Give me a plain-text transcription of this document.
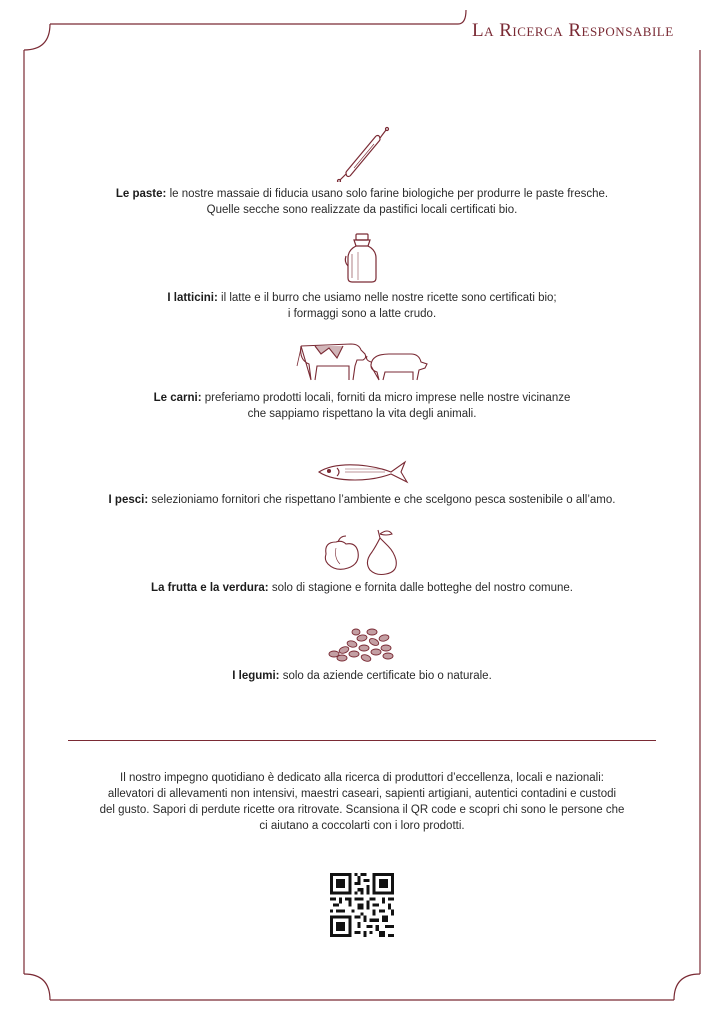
La Ricerca Responsabile
Le paste: le nostre massaie di fiducia usano solo farine biologiche per produrre le paste fresche.
Quelle secche sono realizzate da pastifici locali certificati bio.
I latticini: il latte e il burro che usiamo nelle nostre ricette sono certificati bio;
i formaggi sono a latte crudo.
Le carni: preferiamo prodotti locali, forniti da micro imprese nelle nostre vicinanze
che sappiamo rispettano la vita degli animali.
I pesci: selezioniamo fornitori che rispettano l’ambiente e che scelgono pesca sostenibile o all’amo.
La frutta e la verdura: solo di stagione e fornita dalle botteghe del nostro comune.
I legumi: solo da aziende certificate bio o naturale.
Il nostro impegno quotidiano è dedicato alla ricerca di produttori d’eccellenza, locali e nazionali:
allevatori di allevamenti non intensivi, maestri caseari, sapienti artigiani, autentici contadini e custodi
del gusto. Sapori di perdute ricette ora ritrovate. Scansiona il QR code e scopri chi sono le persone che
ci aiutano a coccolarti con i loro prodotti.
